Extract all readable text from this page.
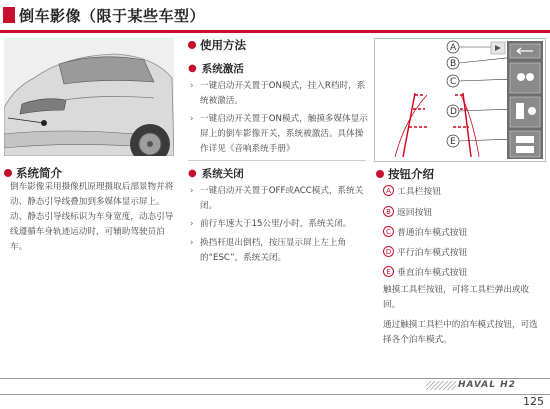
倒车影像（限于某些车型）
系统简介
倒车影像采用摄像机原理摄取后部景物并将动、静态引导线叠加到多媒体显示屏上。动、静态引导线标识为车身宽度，动态引导线遵循车身轨迹运动时，可辅助驾驶员泊车。
使用方法
● 系统激活
› 一键启动开关置于ON模式，挂入R档时，系统被激活。
› 一键启动开关置于ON模式，触摸多媒体显示屏上的倒车影像开关，系统被激活。具体操作详见《音响系统手册》
● 系统关闭
› 一键启动开关置于OFF或ACC模式，系统关闭。
› 前行车速大于15公里/小时，系统关闭。
› 换挡杆退出倒档，按压显示屏上左上角的“ESC”，系统关闭。
A
B
C
D
E
按钮介绍
A 工具栏按钮
B 返回按钮
C 普通泊车模式按钮
D 平行泊车模式按钮
E 垂直泊车模式按钮
触摸工具栏按钮，可将工具栏弹出或收回。
通过触摸工具栏中的泊车模式按钮，可选择各个泊车模式。
HAVAL H2
125
